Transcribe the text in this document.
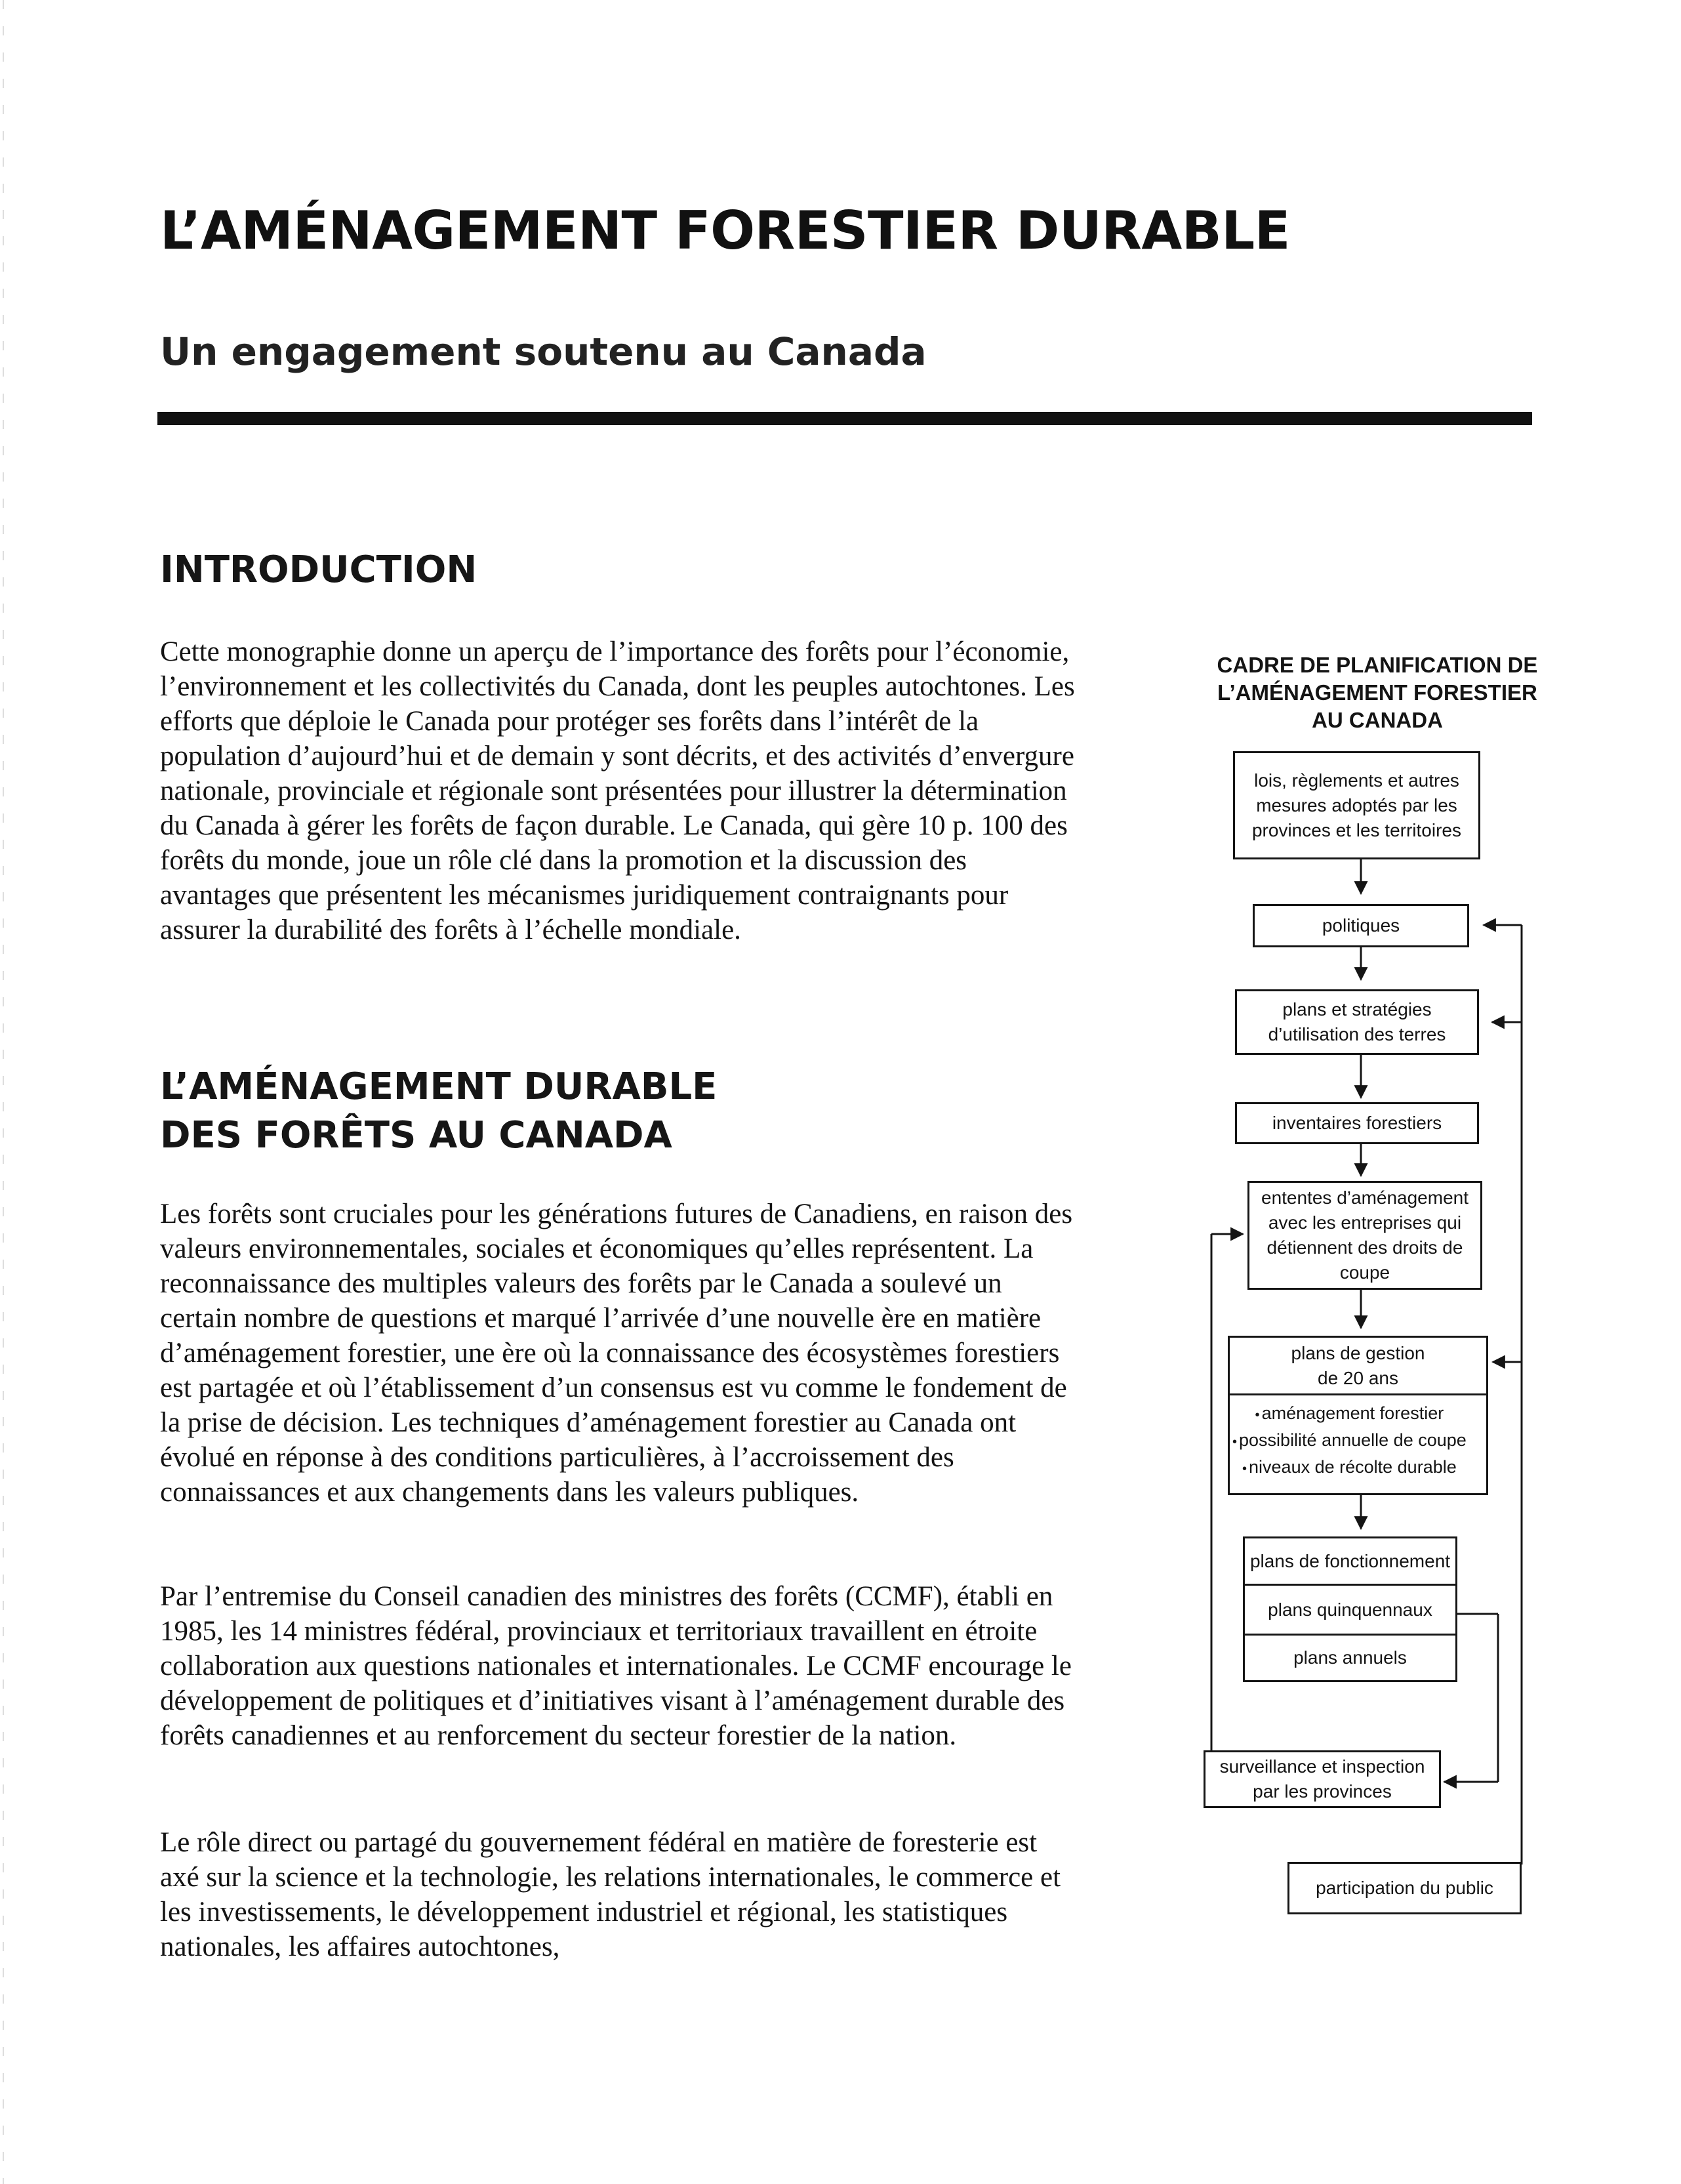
L’AMÉNAGEMENT FORESTIER DURABLE
Un engagement soutenu au Canada
INTRODUCTION

Cette monographie donne un aperçu de l’importance des forêts pour l’économie, l’environnement et les collectivités du Canada, dont les peuples autochtones. Les efforts que déploie le Canada pour protéger ses forêts dans l’intérêt de la population d’aujourd’hui et de demain y sont décrits, et des activités d’envergure nationale, provinciale et régionale sont présentées pour illustrer la détermination du Canada à gérer les forêts de façon durable. Le Canada, qui gère 10 p. 100 des forêts du monde, joue un rôle clé dans la promotion et la discussion des avantages que présentent les mécanismes juridiquement contraignants pour assurer la durabilité des forêts à l’échelle mondiale.

L’AMÉNAGEMENT DURABLE
DES FORÊTS AU CANADA

Les forêts sont cruciales pour les générations futures de Canadiens, en raison des valeurs environnementales, sociales et économiques qu’elles représentent. La reconnaissance des multiples valeurs des forêts par le Canada a soulevé un certain nombre de questions et marqué l’arrivée d’une nouvelle ère en matière d’aménagement forestier, une ère où la connaissance des écosystèmes forestiers est partagée et où l’établissement d’un consensus est vu comme le fondement de la prise de décision. Les techniques d’aménagement forestier au Canada ont évolué en réponse à des conditions particulières, à l’accroissement des connaissances et aux changements dans les valeurs publiques.

Par l’entremise du Conseil canadien des ministres des forêts (CCMF), établi en 1985, les 14 ministres fédéral, provinciaux et territoriaux travaillent en étroite collaboration aux questions nationales et internationales. Le CCMF encourage le développement de politiques et d’initiatives visant à l’aménagement durable des forêts canadiennes et au renforcement du secteur forestier de la nation.

Le rôle direct ou partagé du gouvernement fédéral en matière de foresterie est axé sur la science et la technologie, les relations internationales, le commerce et les investissements, le développement industriel et régional, les statistiques nationales, les affaires autochtones,

CADRE DE PLANIFICATION DE
L’AMÉNAGEMENT FORESTIER
AU CANADA
lois, règlements et autres mesures adoptés par les provinces et les territoires
politiques
plans et stratégies d’utilisation des terres
inventaires forestiers
ententes d’aménagement avec les entreprises qui détiennent des droits de coupe
plans de gestion de 20 ans
• aménagement forestier
• possibilité annuelle de coupe
• niveaux de récolte durable
plans de fonctionnement
plans quinquennaux
plans annuels
surveillance et inspection par les provinces
participation du public
